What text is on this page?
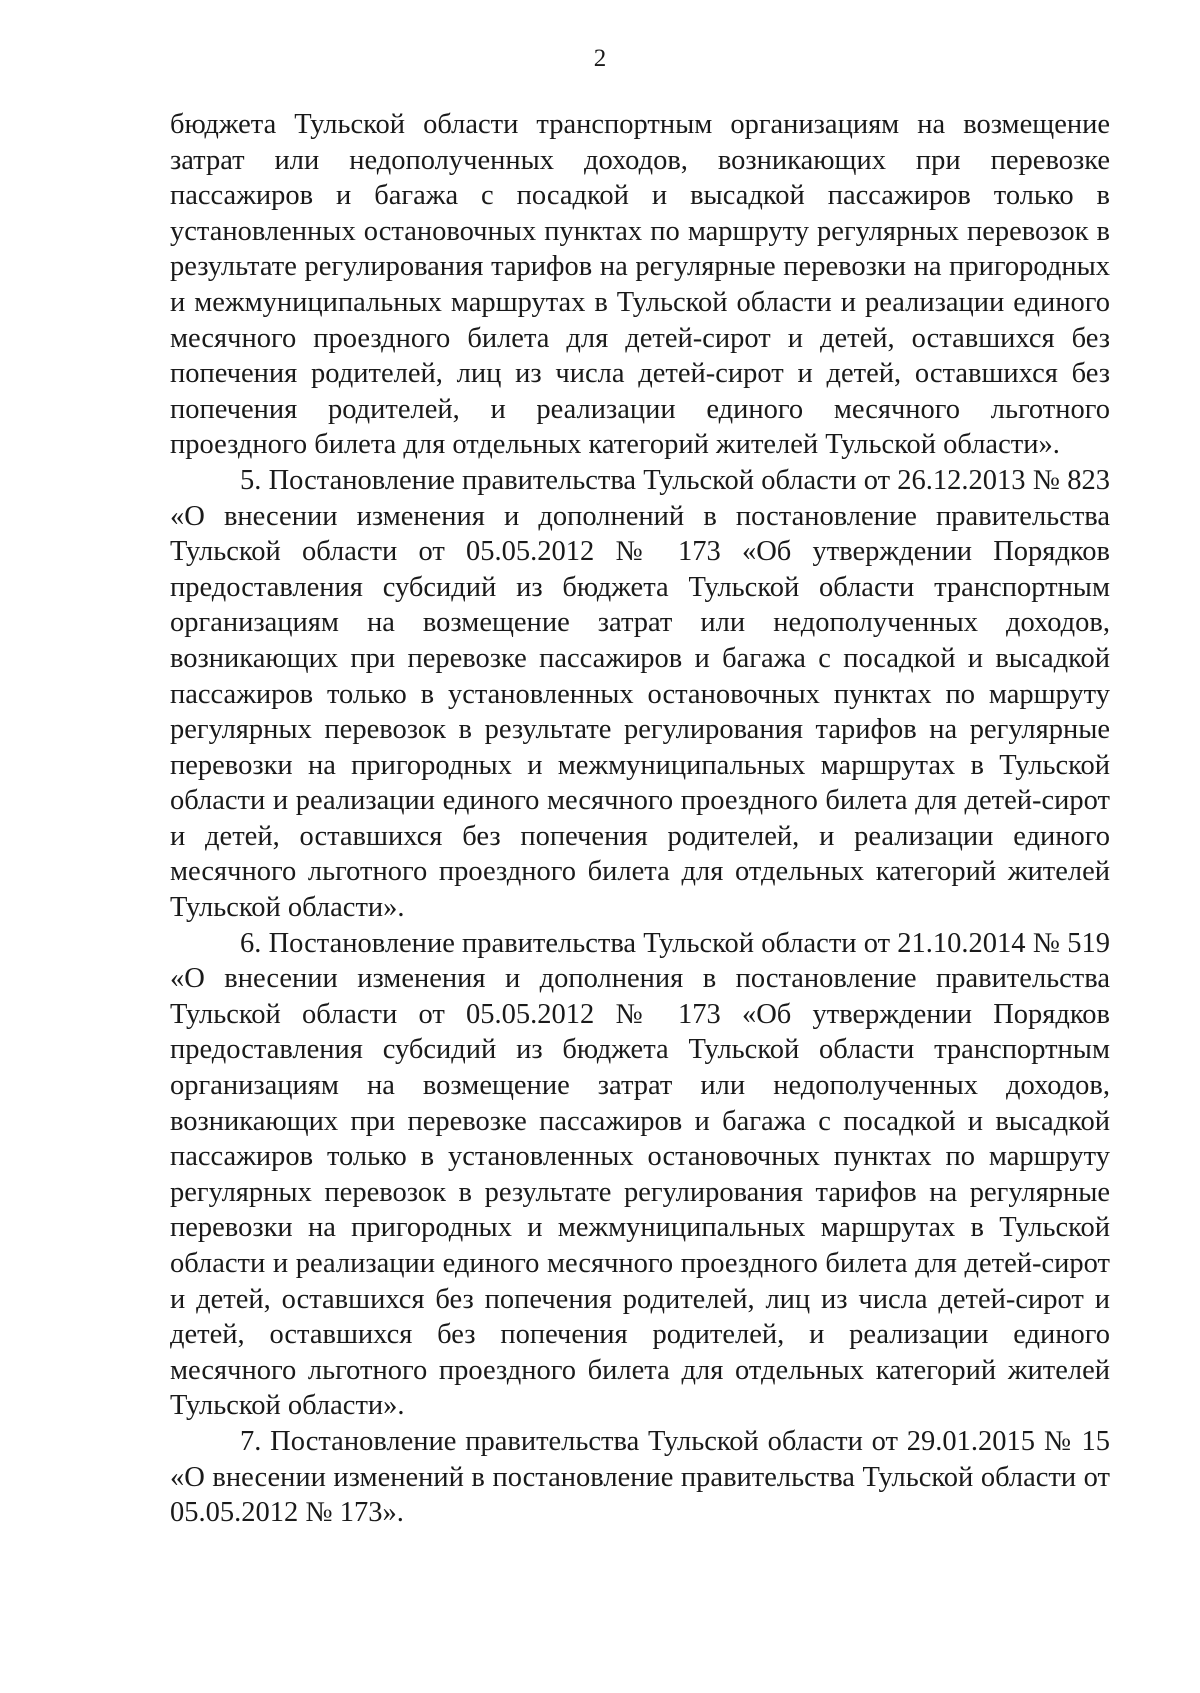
2

бюджета Тульской области транспортным организациям на возмещение затрат или недополученных доходов, возникающих при перевозке пассажиров и багажа с посадкой и высадкой пассажиров только в установленных остановочных пунктах по маршруту регулярных перевозок в результате регулирования тарифов на регулярные перевозки на пригородных и межмуниципальных маршрутах в Тульской области и реализации единого месячного проездного билета для детей-сирот и детей, оставшихся без попечения родителей, лиц из числа детей-сирот и детей, оставшихся без попечения родителей, и реализации единого месячного льготного проездного билета для отдельных категорий жителей Тульской области».

5. Постановление правительства Тульской области от 26.12.2013 № 823 «О внесении изменения и дополнений в постановление правительства Тульской области от 05.05.2012 № 173 «Об утверждении Порядков предоставления субсидий из бюджета Тульской области транспортным организациям на возмещение затрат или недополученных доходов, возникающих при перевозке пассажиров и багажа с посадкой и высадкой пассажиров только в установленных остановочных пунктах по маршруту регулярных перевозок в результате регулирования тарифов на регулярные перевозки на пригородных и межмуниципальных маршрутах в Тульской области и реализации единого месячного проездного билета для детей-сирот и детей, оставшихся без попечения родителей, и реализации единого месячного льготного проездного билета для отдельных категорий жителей Тульской области».

6. Постановление правительства Тульской области от 21.10.2014 № 519 «О внесении изменения и дополнения в постановление правительства Тульской области от 05.05.2012 № 173 «Об утверждении Порядков предоставления субсидий из бюджета Тульской области транспортным организациям на возмещение затрат или недополученных доходов, возникающих при перевозке пассажиров и багажа с посадкой и высадкой пассажиров только в установленных остановочных пунктах по маршруту регулярных перевозок в результате регулирования тарифов на регулярные перевозки на пригородных и межмуниципальных маршрутах в Тульской области и реализации единого месячного проездного билета для детей-сирот и детей, оставшихся без попечения родителей, лиц из числа детей-сирот и детей, оставшихся без попечения родителей, и реализации единого месячного льготного проездного билета для отдельных категорий жителей Тульской области».

7. Постановление правительства Тульской области от 29.01.2015 № 15 «О внесении изменений в постановление правительства Тульской области от 05.05.2012 № 173».
